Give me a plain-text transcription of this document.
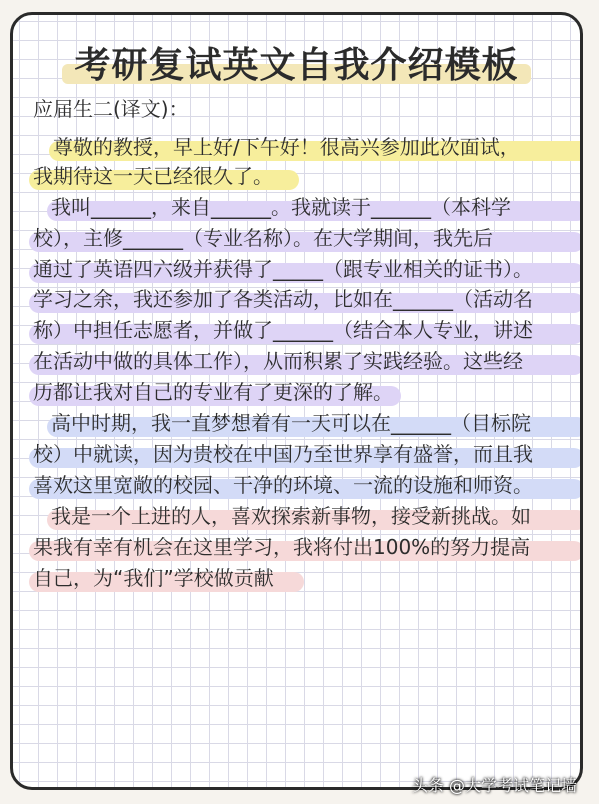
考研复试英文自我介绍模板
应届生二(译文)：
尊敬的教授，早上好/下午好！很高兴参加此次面试，
我期待这一天已经很久了。
我叫______，来自______。我就读于______（本科学
校），主修______（专业名称）。在大学期间，我先后
通过了英语四六级并获得了_____（跟专业相关的证书）。
学习之余，我还参加了各类活动，比如在______（活动名
称）中担任志愿者，并做了______（结合本人专业，讲述
在活动中做的具体工作），从而积累了实践经验。这些经
历都让我对自己的专业有了更深的了解。
高中时期，我一直梦想着有一天可以在______（目标院
校）中就读，因为贵校在中国乃至世界享有盛誉，而且我
喜欢这里宽敞的校园、干净的环境、一流的设施和师资。
我是一个上进的人，喜欢探索新事物，接受新挑战。如
果我有幸有机会在这里学习，我将付出100%的努力提高
自己，为“我们”学校做贡献
头条 @大学考试笔记墙
